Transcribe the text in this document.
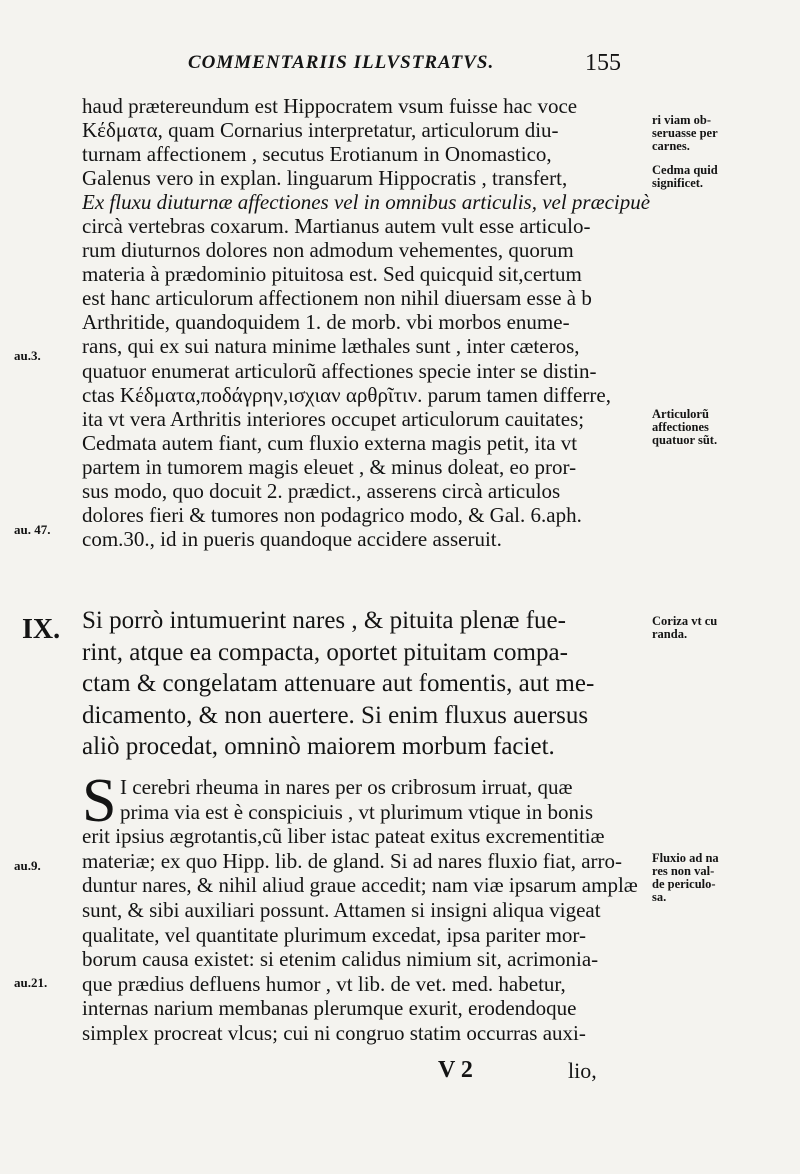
COMMENTARIIS ILLVSTRATVS.	155
ri viam ob-
seruasse per
carnes.
Cedma quid
significet.
Articulorũ
affectiones
quatuor sũt.
Coriza vt cu
randa.
Fluxio ad na
res non val-
de periculo-
sa.
au.3.
au. 47.
au.9.
au.21.
haud prætereundum est Hippocratem vsum fuisse hac voce
Κέδματα, quam Cornarius interpretatur, articulorum diu-
turnam affectionem , secutus Erotianum in Onomastico,
Galenus vero in explan. linguarum Hippocratis , transfert,
Ex fluxu diuturnæ affectiones vel in omnibus articulis, vel præcipuè
circà vertebras coxarum. Martianus autem vult esse articulo-
rum diuturnos dolores non admodum vehementes, quorum
materia à prædominio pituitosa est. Sed quicquid sit,certum
est hanc articulorum affectionem non nihil diuersam esse à b
Arthritide, quandoquidem 1. de morb. vbi morbos enume-
rans, qui ex sui natura minime læthales sunt , inter cæteros,
quatuor enumerat articulorũ affectiones specie inter se distin-
ctas Κέδματα,ποδάγρην,ισχιαν αρθρῖτιν. parum tamen differre,
ita vt vera Arthritis interiores occupet articulorum cauitates;
Cedmata autem fiant, cum fluxio externa magis petit, ita vt
partem in tumorem magis eleuet , & minus doleat, eo pror-
sus modo, quo docuit 2. prædict., asserens circà articulos
dolores fieri & tumores non podagrico modo, & Gal. 6.aph.
com.30., id in pueris quandoque accidere asseruit.
IX. Si porrò intumuerint nares , & pituita plenæ fue-
rint, atque ea compacta, oportet pituitam compa-
ctam & congelatam attenuare aut fomentis, aut me-
dicamento, & non auertere. Si enim fluxus auersus
aliò procedat, omninò maiorem morbum faciet.
S I cerebri rheuma in nares per os cribrosum irruat, quæ
prima via est è conspiciuis , vt plurimum vtique in bonis
erit ipsius ægrotantis,cũ liber istac pateat exitus excrementitiæ
materiæ; ex quo Hipp. lib. de gland. Si ad nares fluxio fiat, arro-
duntur nares, & nihil aliud graue accedit; nam viæ ipsarum amplæ
sunt, & sibi auxiliari possunt. Attamen si insigni aliqua vigeat
qualitate, vel quantitate plurimum excedat, ipsa pariter mor-
borum causa existet: si etenim calidus nimium sit, acrimonia-
que prædius defluens humor , vt lib. de vet. med. habetur,
internas narium membanas plerumque exurit, erodendoque
simplex procreat vlcus; cui ni congruo statim occurras auxi-
V 2	lio,
